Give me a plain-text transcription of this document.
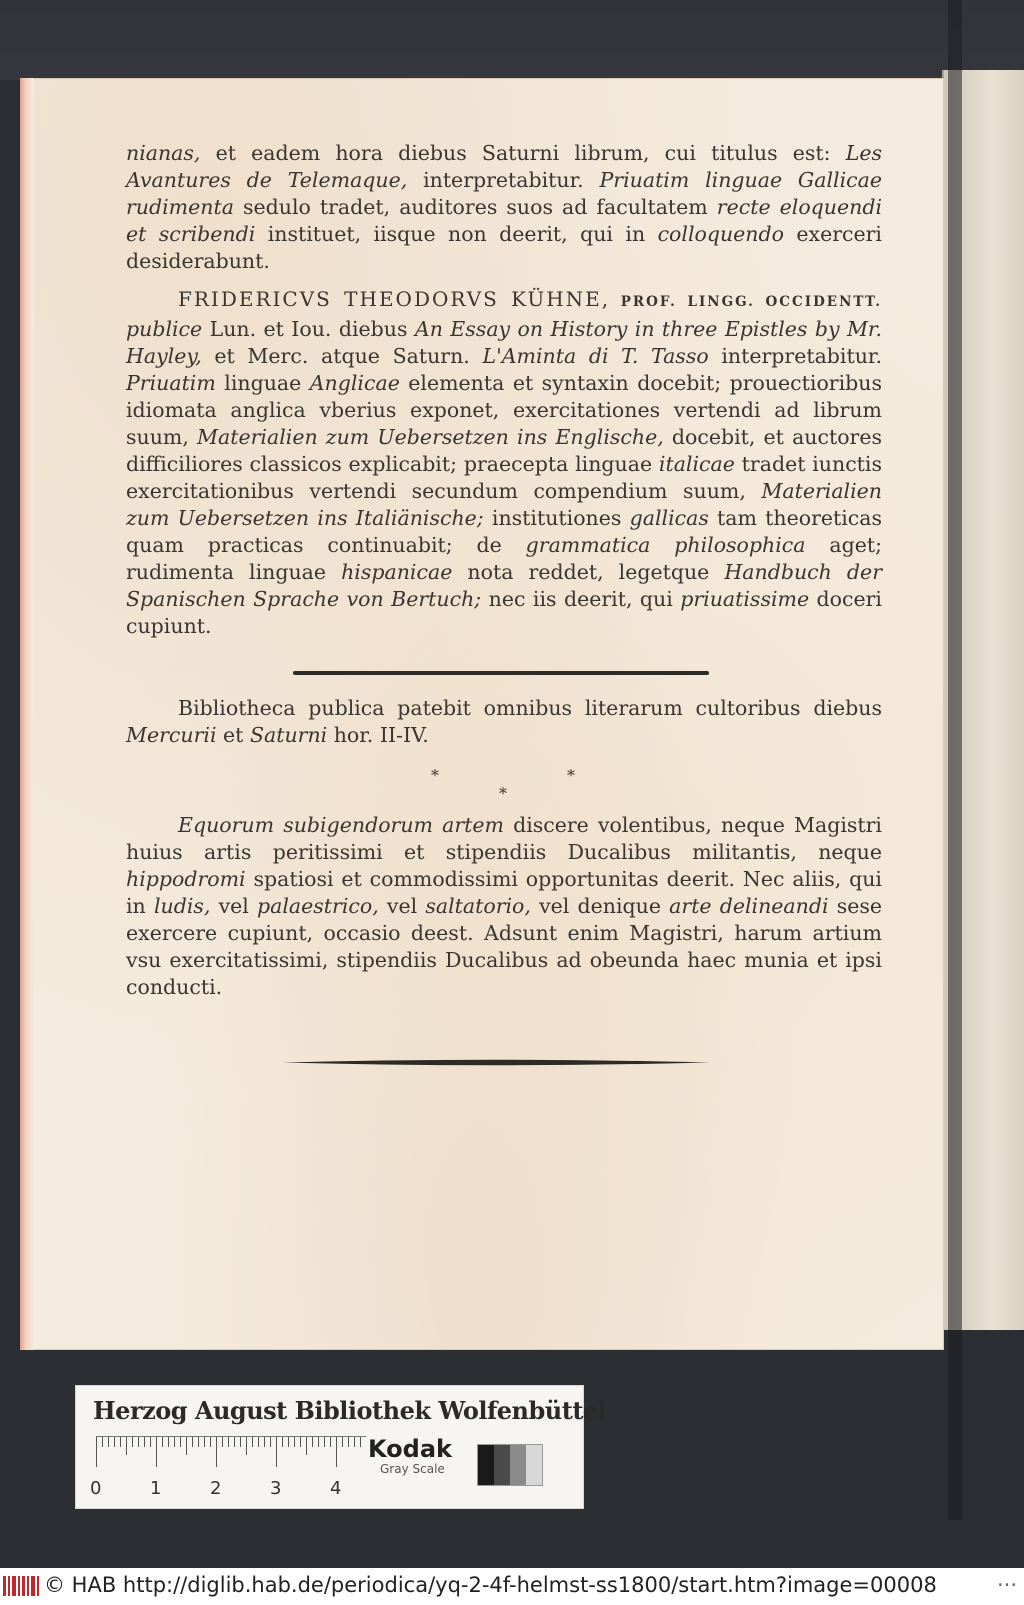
nianas, et eadem hora diebus Saturni librum, cui titulus est: Les Avantures de Telemaque, interpretabitur. Priuatim linguae Gallicae rudimenta sedulo tradet, auditores suos ad facultatem recte eloquendi et scribendi instituet, iisque non deerit, qui in colloquendo exerceri desiderabunt.

FRIDERICVS THEODORVS KÜHNE, PROF. LINGG. OCCIDENTT. publice Lun. et Iou. diebus An Essay on History in three Epistles by Mr. Hayley, et Merc. atque Saturn. L'Aminta di T. Tasso interpretabitur. Priuatim linguae Anglicae elementa et syntaxin docebit; prouectioribus idiomata anglica vberius exponet, exercitationes vertendi ad librum suum, Materialien zum Uebersetzen ins Englische, docebit, et auctores difficiliores classicos explicabit; praecepta linguae italicae tradet iunctis exercitationibus vertendi secundum compendium suum, Materialien zum Uebersetzen ins Italiänische; institutiones gallicas tam theoreticas quam practicas continuabit; de grammatica philosophica aget; rudimenta linguae hispanicae nota reddet, legetque Handbuch der Spanischen Sprache von Bertuch; nec iis deerit, qui priuatissime doceri cupiunt.

Bibliotheca publica patebit omnibus literarum cultoribus diebus Mercurii et Saturni hor. II-IV.

*	*
*

Equorum subigendorum artem discere volentibus, neque Magistri huius artis peritissimi et stipendiis Ducalibus militantis, neque hippodromi spatiosi et commodissimi opportunitas deerit. Nec aliis, qui in ludis, vel palaestrico, vel saltatorio, vel denique arte delineandi sese exercere cupiunt, occasio deest. Adsunt enim Magistri, harum artium vsu exercitatissimi, stipendiis Ducalibus ad obeunda haec munia et ipsi conducti.

Herzog August Bibliothek Wolfenbüttel
0	1	2	3	4
Kodak
Gray Scale
© HAB http://diglib.hab.de/periodica/yq-2-4f-helmst-ss1800/start.htm?image=00008	···
